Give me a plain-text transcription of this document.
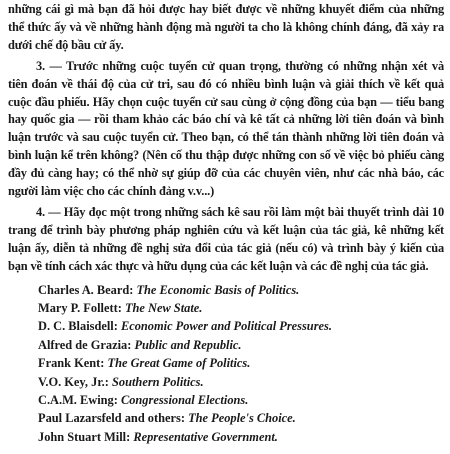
những cái gì mà bạn đã hỏi được hay biết được về những khuyết điểm của những thể thức ấy và về những hành động mà người ta cho là không chính đáng, đã xảy ra dưới chế độ bầu cử ấy.

3. — Trước những cuộc tuyển cử quan trọng, thường có những nhận xét và tiên đoán về thái độ của cử tri, sau đó có nhiều bình luận và giải thích về kết quả cuộc đầu phiếu. Hãy chọn cuộc tuyển cử sau cùng ở cộng đồng của bạn — tiểu bang hay quốc gia — rồi tham khảo các báo chí và kê tất cả những lời tiên đoán và bình luận trước và sau cuộc tuyển cử. Theo bạn, có thể tán thành những lời tiên đoán và bình luận kể trên không? (Nên cố thu thập được những con số về việc bỏ phiếu càng đầy đủ càng hay; có thể nhờ sự giúp đỡ của các chuyên viên, như các nhà báo, các người làm việc cho các chính đảng v.v...)

4. — Hãy đọc một trong những sách kê sau rồi làm một bài thuyết trình dài 10 trang để trình bày phương pháp nghiên cứu và kết luận của tác giả, kê những kết luận ấy, diễn tả những đề nghị sửa đổi của tác giả (nếu có) và trình bày ý kiến của bạn về tính cách xác thực và hữu dụng của các kết luận và các đề nghị của tác giả.

Charles A. Beard: The Economic Basis of Politics.
Mary P. Follett: The New State.
D. C. Blaisdell: Economic Power and Political Pressures.
Alfred de Grazia: Public and Republic.
Frank Kent: The Great Game of Politics.
V.O. Key, Jr.: Southern Politics.
C.A.M. Ewing: Congressional Elections.
Paul Lazarsfeld and others: The People's Choice.
John Stuart Mill: Representative Government.
